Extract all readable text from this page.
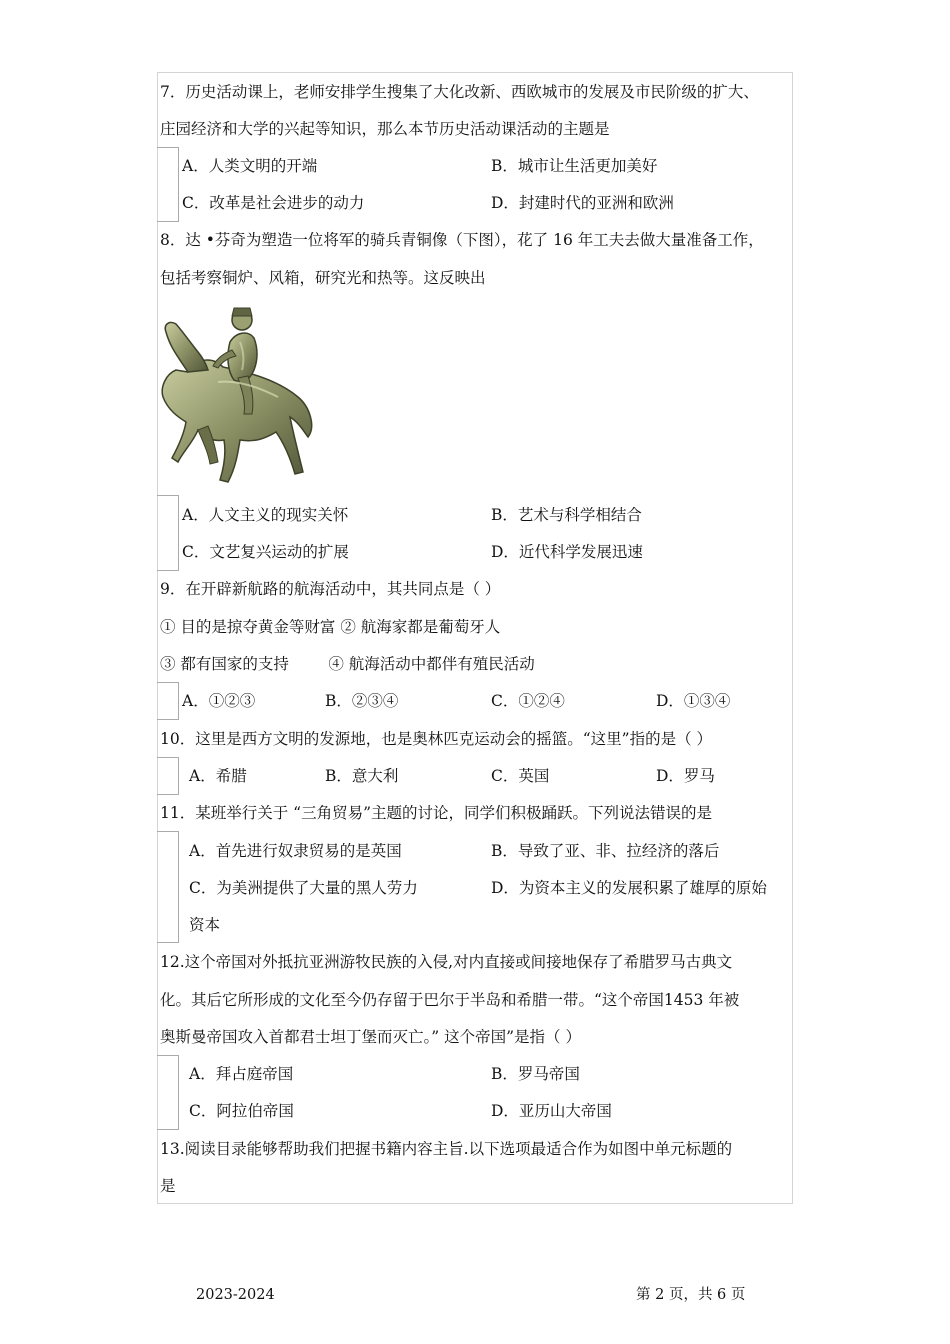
7．历史活动课上，老师安排学生搜集了大化改新、西欧城市的发展及市民阶级的扩大、
庄园经济和大学的兴起等知识，那么本节历史活动课活动的主题是
A．人类文明的开端	B．城市让生活更加美好
C．改革是社会进步的动力	D．封建时代的亚洲和欧洲
8．达 •芬奇为塑造一位将军的骑兵青铜像（下图），花了 16 年工夫去做大量准备工作，
包括考察铜炉、风箱，研究光和热等。这反映出
A．人文主义的现实关怀	B．艺术与科学相结合
C．文艺复兴运动的扩展	D．近代科学发展迅速
9．在开辟新航路的航海活动中，其共同点是（ ）
① 目的是掠夺黄金等财富 ② 航海家都是葡萄牙人
③ 都有国家的支持        ④ 航海活动中都伴有殖民活动
A．①②③	B．②③④	C．①②④	D．①③④
10．这里是西方文明的发源地，也是奥林匹克运动会的摇篮。“这里”指的是（ ）
A．希腊	B．意大利	C．英国	D．罗马
11．某班举行关于 “三角贸易”主题的讨论，同学们积极踊跃。下列说法错误的是
A．首先进行奴隶贸易的是英国	B．导致了亚、非、拉经济的落后
C．为美洲提供了大量的黑人劳力	D．为资本主义的发展积累了雄厚的原始
资本
12.这个帝国对外抵抗亚洲游牧民族的入侵,对内直接或间接地保存了希腊罗马古典文
化。其后它所形成的文化至今仍存留于巴尔于半岛和希腊一带。“这个帝国1453 年被
奥斯曼帝国攻入首都君士坦丁堡而灭亡。” 这个帝国”是指（ ）
A．拜占庭帝国	B．罗马帝国
C．阿拉伯帝国	D．亚历山大帝国
13.阅读目录能够帮助我们把握书籍内容主旨.以下选项最适合作为如图中单元标题的
是
2023-2024	第 2 页，共 6 页
